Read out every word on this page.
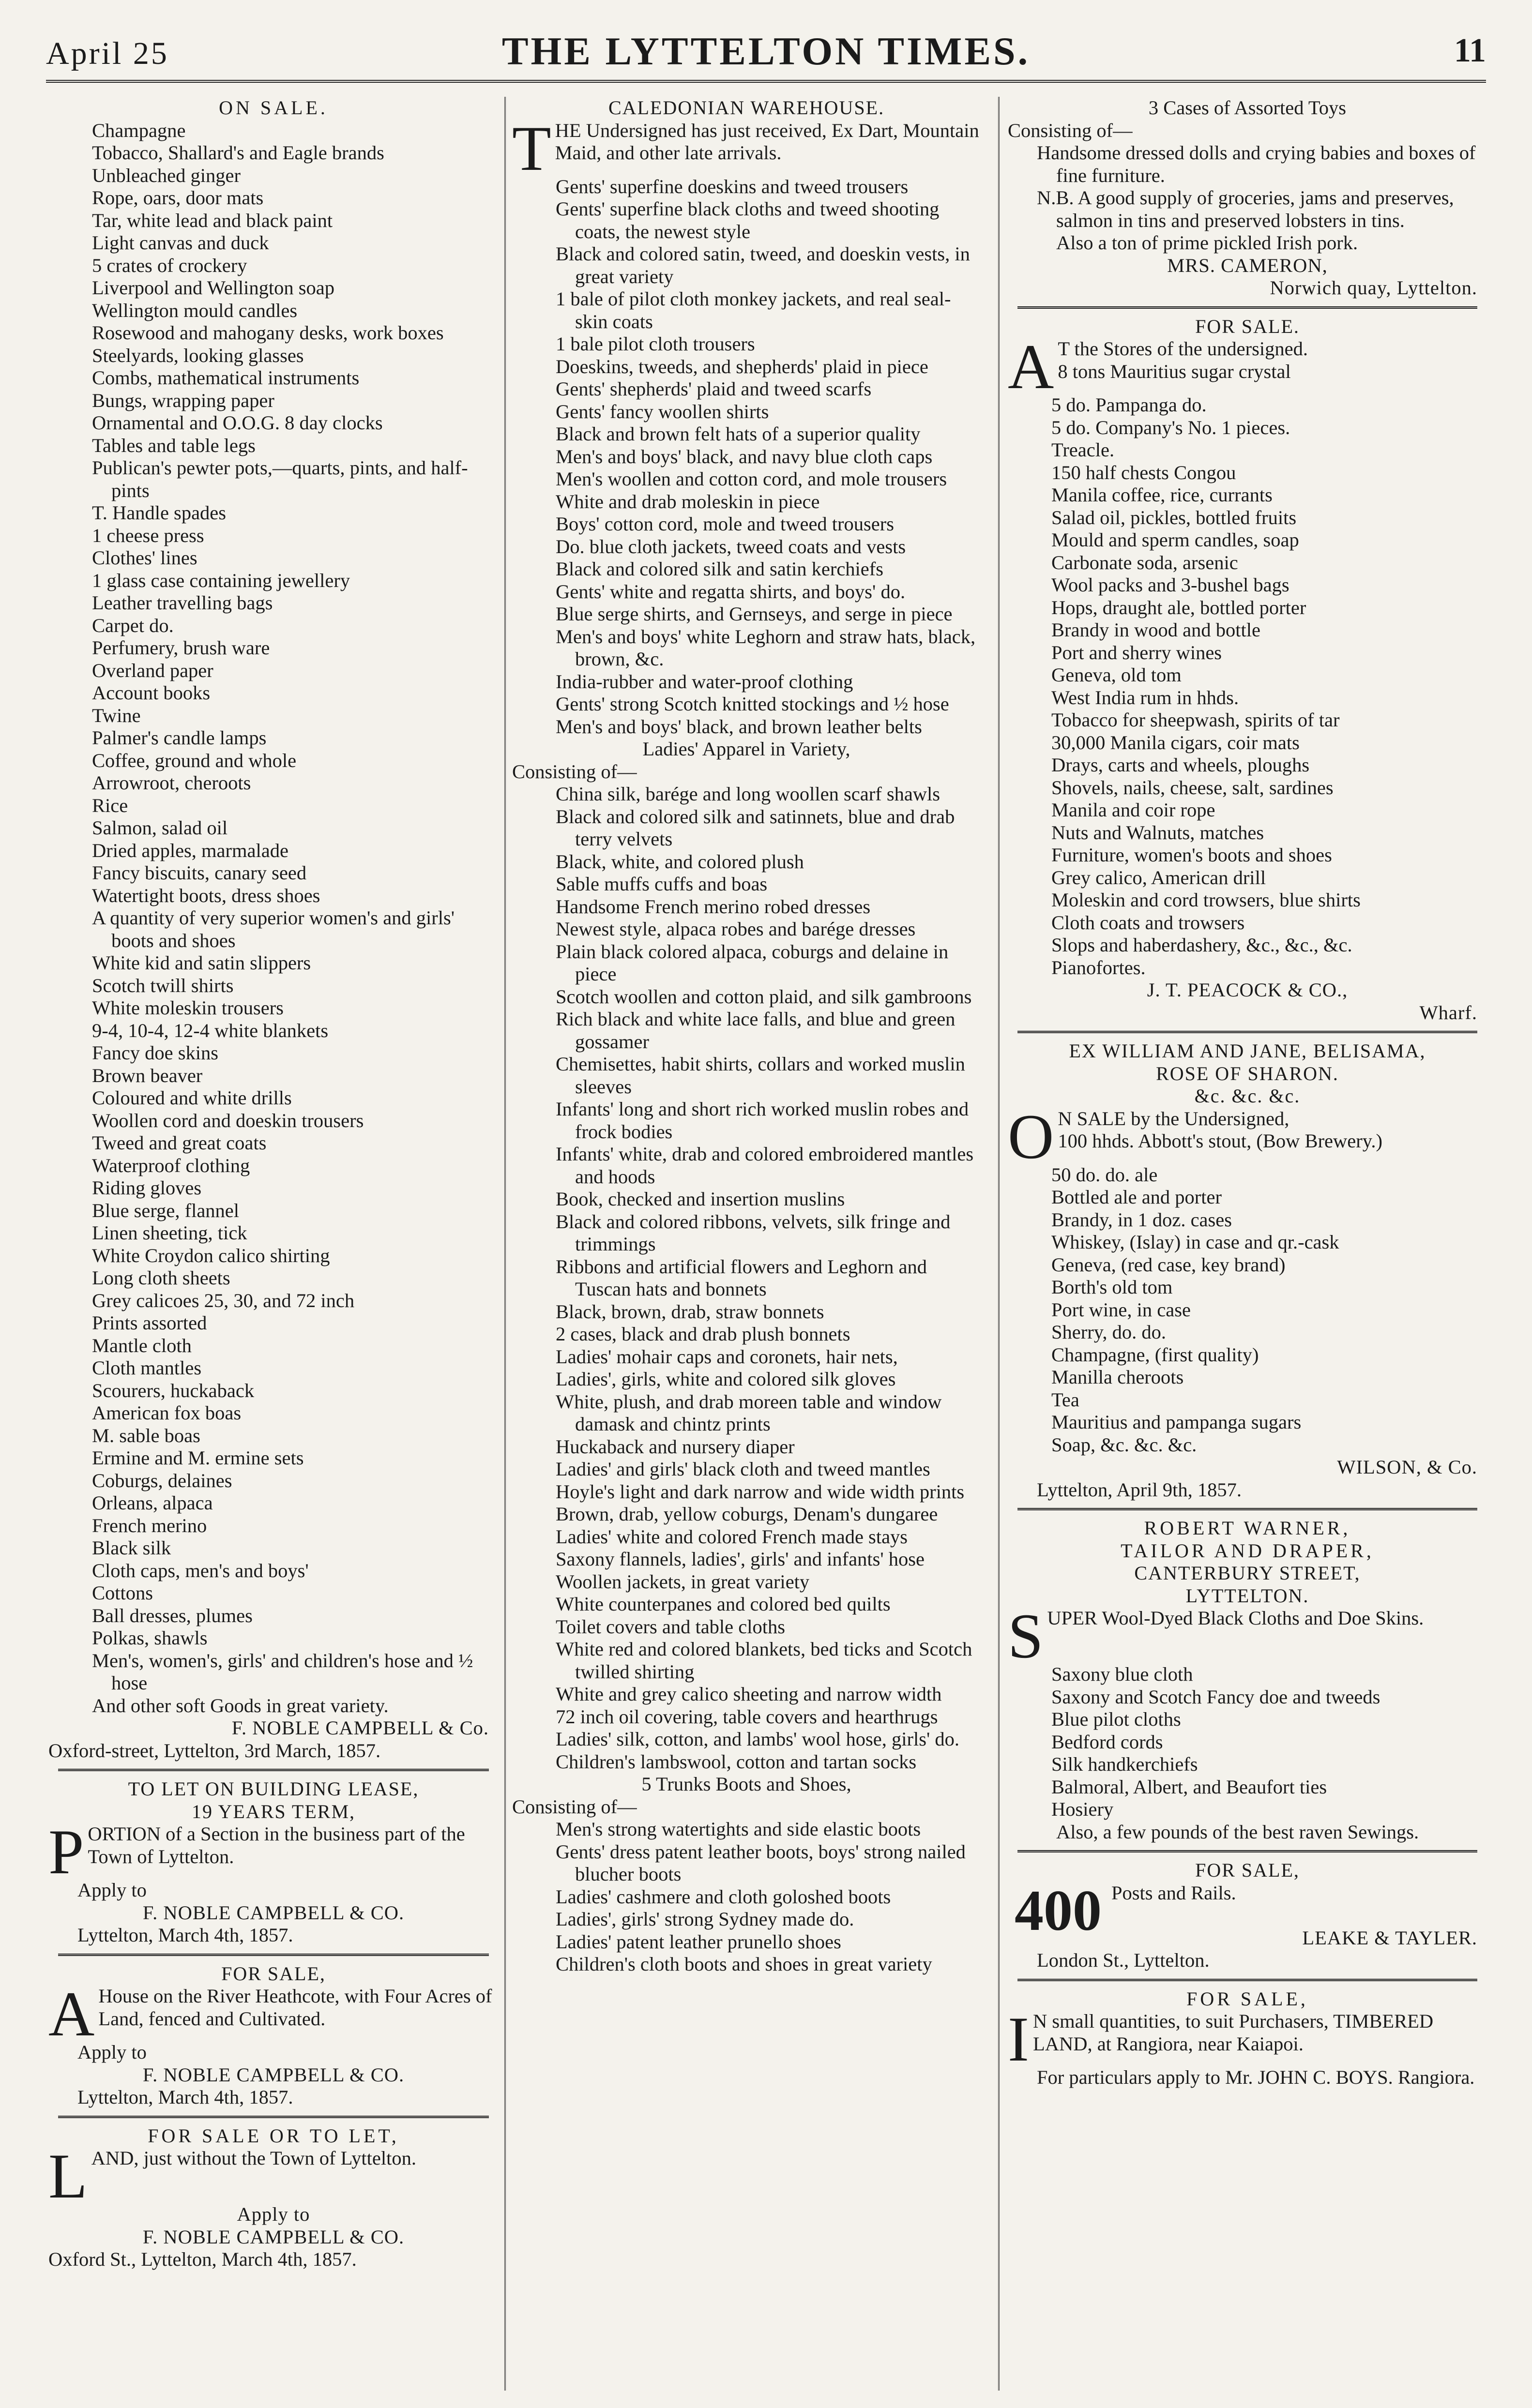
April 25	THE LYTTELTON TIMES.	11

ON SALE.

Champagne

Tobacco, Shallard's and Eagle brands

Unbleached ginger

Rope, oars, door mats

Tar, white lead and black paint

Light canvas and duck

5 crates of crockery

Liverpool and Wellington soap

Wellington mould candles

Rosewood and mahogany desks, work boxes

Steelyards, looking glasses

Combs, mathematical instruments

Bungs, wrapping paper

Ornamental and O.O.G. 8 day clocks

Tables and table legs

Publican's pewter pots,—quarts, pints, and half-pints

T. Handle spades

1 cheese press

Clothes' lines

1 glass case containing jewellery

Leather travelling bags

Carpet do.

Perfumery, brush ware

Overland paper

Account books

Twine

Palmer's candle lamps

Coffee, ground and whole

Arrowroot, cheroots

Rice

Salmon, salad oil

Dried apples, marmalade

Fancy biscuits, canary seed

Watertight boots, dress shoes

A quantity of very superior women's and girls' boots and shoes

White kid and satin slippers

Scotch twill shirts

White moleskin trousers

9-4, 10-4, 12-4 white blankets

Fancy doe skins

Brown beaver

Coloured and white drills

Woollen cord and doeskin trousers

Tweed and great coats

Waterproof clothing

Riding gloves

Blue serge, flannel

Linen sheeting, tick

White Croydon calico shirting

Long cloth sheets

Grey calicoes 25, 30, and 72 inch

Prints assorted

Mantle cloth

Cloth mantles

Scourers, huckaback

American fox boas

M. sable boas

Ermine and M. ermine sets

Coburgs, delaines

Orleans, alpaca

French merino

Black silk

Cloth caps, men's and boys'

Cottons

Ball dresses, plumes

Polkas, shawls

Men's, women's, girls' and children's hose and ½ hose

And other soft Goods in great variety.

F. NOBLE CAMPBELL & Co.

Oxford-street, Lyttelton, 3rd March, 1857.

TO LET ON BUILDING LEASE,

19 YEARS TERM,

PORTION of a Section in the business part of the Town of Lyttelton.

Apply to

F. NOBLE CAMPBELL & CO.

Lyttelton, March 4th, 1857.

FOR SALE,

A House on the River Heathcote, with Four Acres of Land, fenced and Cultivated.

Apply to

F. NOBLE CAMPBELL & CO.

Lyttelton, March 4th, 1857.

FOR SALE OR TO LET,

LAND, just without the Town of Lyttelton.

Apply to

F. NOBLE CAMPBELL & CO.

Oxford St., Lyttelton, March 4th, 1857.

CALEDONIAN WAREHOUSE.

THE Undersigned has just received, Ex Dart, Mountain Maid, and other late arrivals.

Gents' superfine doeskins and tweed trousers

Gents' superfine black cloths and tweed shooting coats, the newest style

Black and colored satin, tweed, and doeskin vests, in great variety

1 bale of pilot cloth monkey jackets, and real seal-skin coats

1 bale pilot cloth trousers

Doeskins, tweeds, and shepherds' plaid in piece

Gents' shepherds' plaid and tweed scarfs

Gents' fancy woollen shirts

Black and brown felt hats of a superior quality

Men's and boys' black, and navy blue cloth caps

Men's woollen and cotton cord, and mole trousers

White and drab moleskin in piece

Boys' cotton cord, mole and tweed trousers

Do. blue cloth jackets, tweed coats and vests

Black and colored silk and satin kerchiefs

Gents' white and regatta shirts, and boys' do.

Blue serge shirts, and Gernseys, and serge in piece

Men's and boys' white Leghorn and straw hats, black, brown, &c.

India-rubber and water-proof clothing

Gents' strong Scotch knitted stockings and ½ hose

Men's and boys' black, and brown leather belts

Ladies' Apparel in Variety,

Consisting of—

China silk, barége and long woollen scarf shawls

Black and colored silk and satinnets, blue and drab terry velvets

Black, white, and colored plush

Sable muffs cuffs and boas

Handsome French merino robed dresses

Newest style, alpaca robes and barége dresses

Plain black colored alpaca, coburgs and delaine in piece

Scotch woollen and cotton plaid, and silk gambroons

Rich black and white lace falls, and blue and green gossamer

Chemisettes, habit shirts, collars and worked muslin sleeves

Infants' long and short rich worked muslin robes and frock bodies

Infants' white, drab and colored embroidered mantles and hoods

Book, checked and insertion muslins

Black and colored ribbons, velvets, silk fringe and trimmings

Ribbons and artificial flowers and Leghorn and Tuscan hats and bonnets

Black, brown, drab, straw bonnets

2 cases, black and drab plush bonnets

Ladies' mohair caps and coronets, hair nets,

Ladies', girls, white and colored silk gloves

White, plush, and drab moreen table and window damask and chintz prints

Huckaback and nursery diaper

Ladies' and girls' black cloth and tweed mantles

Hoyle's light and dark narrow and wide width prints

Brown, drab, yellow coburgs, Denam's dungaree

Ladies' white and colored French made stays

Saxony flannels, ladies', girls' and infants' hose

Woollen jackets, in great variety

White counterpanes and colored bed quilts

Toilet covers and table cloths

White red and colored blankets, bed ticks and Scotch twilled shirting

White and grey calico sheeting and narrow width

72 inch oil covering, table covers and hearthrugs

Ladies' silk, cotton, and lambs' wool hose, girls' do.

Children's lambswool, cotton and tartan socks

5 Trunks Boots and Shoes,

Consisting of—

Men's strong watertights and side elastic boots

Gents' dress patent leather boots, boys' strong nailed blucher boots

Ladies' cashmere and cloth goloshed boots

Ladies', girls' strong Sydney made do.

Ladies' patent leather prunello shoes

Children's cloth boots and shoes in great variety

3 Cases of Assorted Toys

Consisting of—

Handsome dressed dolls and crying babies and boxes of fine furniture.

N.B. A good supply of groceries, jams and preserves, salmon in tins and preserved lobsters in tins.

Also a ton of prime pickled Irish pork.

MRS. CAMERON,

Norwich quay, Lyttelton.

FOR SALE.

A T the Stores of the undersigned.
8 tons Mauritius sugar crystal

5 do. Pampanga do.

5 do. Company's No. 1 pieces.

Treacle.

150 half chests Congou

Manila coffee, rice, currants

Salad oil, pickles, bottled fruits

Mould and sperm candles, soap

Carbonate soda, arsenic

Wool packs and 3-bushel bags

Hops, draught ale, bottled porter

Brandy in wood and bottle

Port and sherry wines

Geneva, old tom

West India rum in hhds.

Tobacco for sheepwash, spirits of tar

30,000 Manila cigars, coir mats

Drays, carts and wheels, ploughs

Shovels, nails, cheese, salt, sardines

Manila and coir rope

Nuts and Walnuts, matches

Furniture, women's boots and shoes

Grey calico, American drill

Moleskin and cord trowsers, blue shirts

Cloth coats and trowsers

Slops and haberdashery, &c., &c., &c.

Pianofortes.

J. T. PEACOCK & CO.,

Wharf.

EX WILLIAM AND JANE, BELISAMA,

ROSE OF SHARON.

&c. &c. &c.

O N SALE by the Undersigned,
100 hhds. Abbott's stout, (Bow Brewery.)

50 do. do. ale

Bottled ale and porter

Brandy, in 1 doz. cases

Whiskey, (Islay) in case and qr.-cask

Geneva, (red case, key brand)

Borth's old tom

Port wine, in case

Sherry, do. do.

Champagne, (first quality)

Manilla cheroots

Tea

Mauritius and pampanga sugars

Soap, &c. &c. &c.

WILSON, & Co.

Lyttelton, April 9th, 1857.

ROBERT WARNER,

TAILOR AND DRAPER,

CANTERBURY STREET,

LYTTELTON.

SUPER Wool-Dyed Black Cloths and Doe Skins.

Saxony blue cloth

Saxony and Scotch Fancy doe and tweeds

Blue pilot cloths

Bedford cords

Silk handkerchiefs

Balmoral, Albert, and Beaufort ties

Hosiery

Also, a few pounds of the best raven Sewings.

FOR SALE,

400 Posts and Rails.

LEAKE & TAYLER.

London St., Lyttelton.

FOR SALE,

I N small quantities, to suit Purchasers, TIMBERED LAND, at Rangiora, near Kaiapoi.

For particulars apply to Mr. JOHN C. BOYS. Rangiora.
